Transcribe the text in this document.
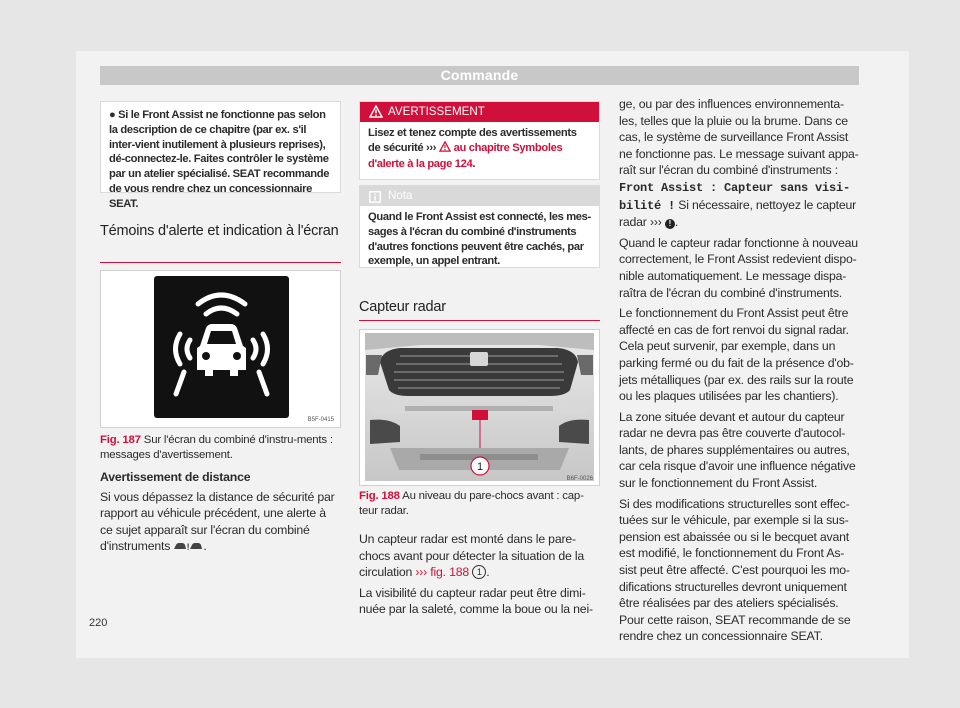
Commande

● Si le Front Assist ne fonctionne pas selon la description de ce chapitre (par ex. s'il inter-vient inutilement à plusieurs reprises), dé-connectez-le. Faites contrôler le système par un atelier spécialisé. SEAT recommande de vous rendre chez un concessionnaire SEAT.

Témoins d'alerte et indication à l'écran
B5F-0415
Fig. 187 Sur l'écran du combiné d'instru-ments : messages d'avertissement.

Avertissement de distance

Si vous dépassez la distance de sécurité par rapport au véhicule précédent, une alerte à ce sujet apparaît sur l'écran du combiné d'instruments ! .

AVERTISSEMENT
Lisez et tenez compte des avertissements de sécurité ››› au chapitre Symboles d'alerte à la page 124.
Nota
Quand le Front Assist est connecté, les mes-sages à l'écran du combiné d'instruments d'autres fonctions peuvent être cachés, par exemple, un appel entrant.
Capteur radar
1
B6F-0026
Fig. 188 Au niveau du pare-chocs avant : cap-teur radar.

Un capteur radar est monté dans le pare-chocs avant pour détecter la situation de la circulation ››› fig. 188 1 .

La visibilité du capteur radar peut être dimi-nuée par la saleté, comme la boue ou la nei-

ge, ou par des influences environnementa-les, telles que la pluie ou la brume. Dans ce cas, le système de surveillance Front Assist ne fonctionne pas. Le message suivant appa-raît sur l'écran du combiné d'instruments : Front Assist : Capteur sans visi-bilité ! Si nécessaire, nettoyez le capteur radar ››› ! .

Quand le capteur radar fonctionne à nouveau correctement, le Front Assist redevient dispo-nible automatiquement. Le message dispa-raîtra de l'écran du combiné d'instruments.

Le fonctionnement du Front Assist peut être affecté en cas de fort renvoi du signal radar. Cela peut survenir, par exemple, dans un parking fermé ou du fait de la présence d'ob-jets métalliques (par ex. des rails sur la route ou les plaques utilisées par les chantiers).

La zone située devant et autour du capteur radar ne devra pas être couverte d'autocol-lants, de phares supplémentaires ou autres, car cela risque d'avoir une influence négative sur le fonctionnement du Front Assist.

Si des modifications structurelles sont effec-tuées sur le véhicule, par exemple si la sus-pension est abaissée ou si le becquet avant est modifié, le fonctionnement du Front As-sist peut être affecté. C'est pourquoi les mo-difications structurelles devront uniquement être réalisées par des ateliers spécialisés. Pour cette raison, SEAT recommande de se rendre chez un concessionnaire SEAT.

220
